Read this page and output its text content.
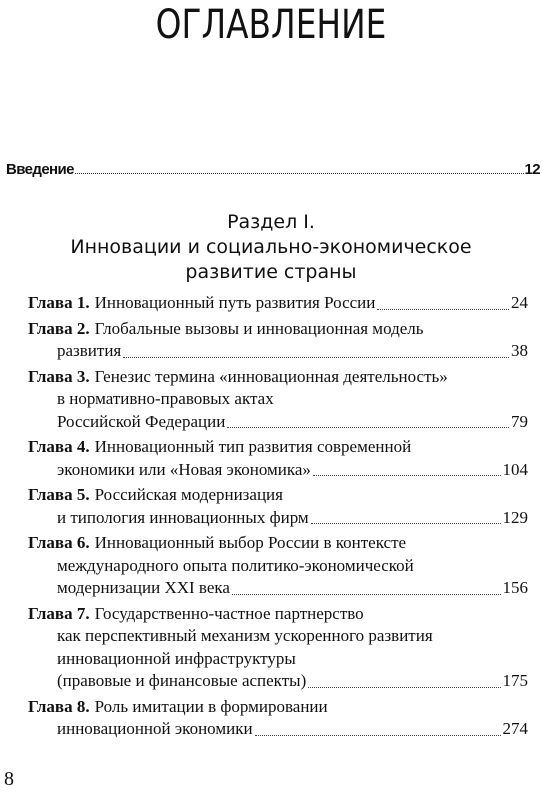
ОГЛАВЛЕНИЕ
Введение	12
Раздел I.
Инновации и социально-экономическое
развитие страны
Глава 1. Инновационный путь развития России	24
Глава 2. Глобальные вызовы и инновационная модель
развития	38
Глава 3. Генезис термина «инновационная деятельность»
в нормативно-правовых актах
Российской Федерации	79
Глава 4. Инновационный тип развития современной
экономики или «Новая экономика»	104
Глава 5. Российская модернизация
и типология инновационных фирм	129
Глава 6. Инновационный выбор России в контексте
международного опыта политико-экономической
модернизации XXI века	156
Глава 7. Государственно-частное партнерство
как перспективный механизм ускоренного развития
инновационной инфраструктуры
(правовые и финансовые аспекты)	175
Глава 8. Роль имитации в формировании
инновационной экономики	274
8
